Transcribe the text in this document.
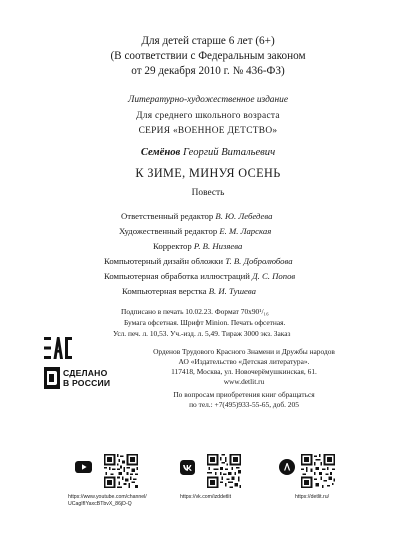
Для детей старше 6 лет (6+)
(В соответствии с Федеральным законом
от 29 декабря 2010 г. № 436-ФЗ)
Литературно-художественное издание
Для среднего школьного возраста
СЕРИЯ «ВОЕННОЕ ДЕТСТВО»
Семёнов Георгий Витальевич
К ЗИМЕ, МИНУЯ ОСЕНЬ
Повесть
Ответственный редактор В. Ю. Лебедева
Художественный редактор Е. М. Ларская
Корректор Р. В. Низяева
Компьютерный дизайн обложки Т. В. Добролюбова
Компьютерная обработка иллюстраций Д. С. Попов
Компьютерная верстка В. И. Тушева
Подписано в печать 10.02.23. Формат 70х90¹/₁₆
Бумага офсетная. Шрифт Minion. Печать офсетная.
Усл. печ. л. 10,53. Уч.-изд. л. 5,49. Тираж 3000 экз. Заказ
СДЕЛАНО
В РОССИИ
Орденов Трудового Красного Знамени и Дружбы народов
АО «Издательство «Детская литература».
117418, Москва, ул. Новочерёмушкинская, 61.
www.detlit.ru
По вопросам приобретения книг обращаться
по тел.: +7(495)933-55-65, доб. 205
https://www.youtube.com/channel/
UCagIfIYaxcBTbvX_86jD-Q
https://vk.com/izddetlit	https://detlit.ru/
